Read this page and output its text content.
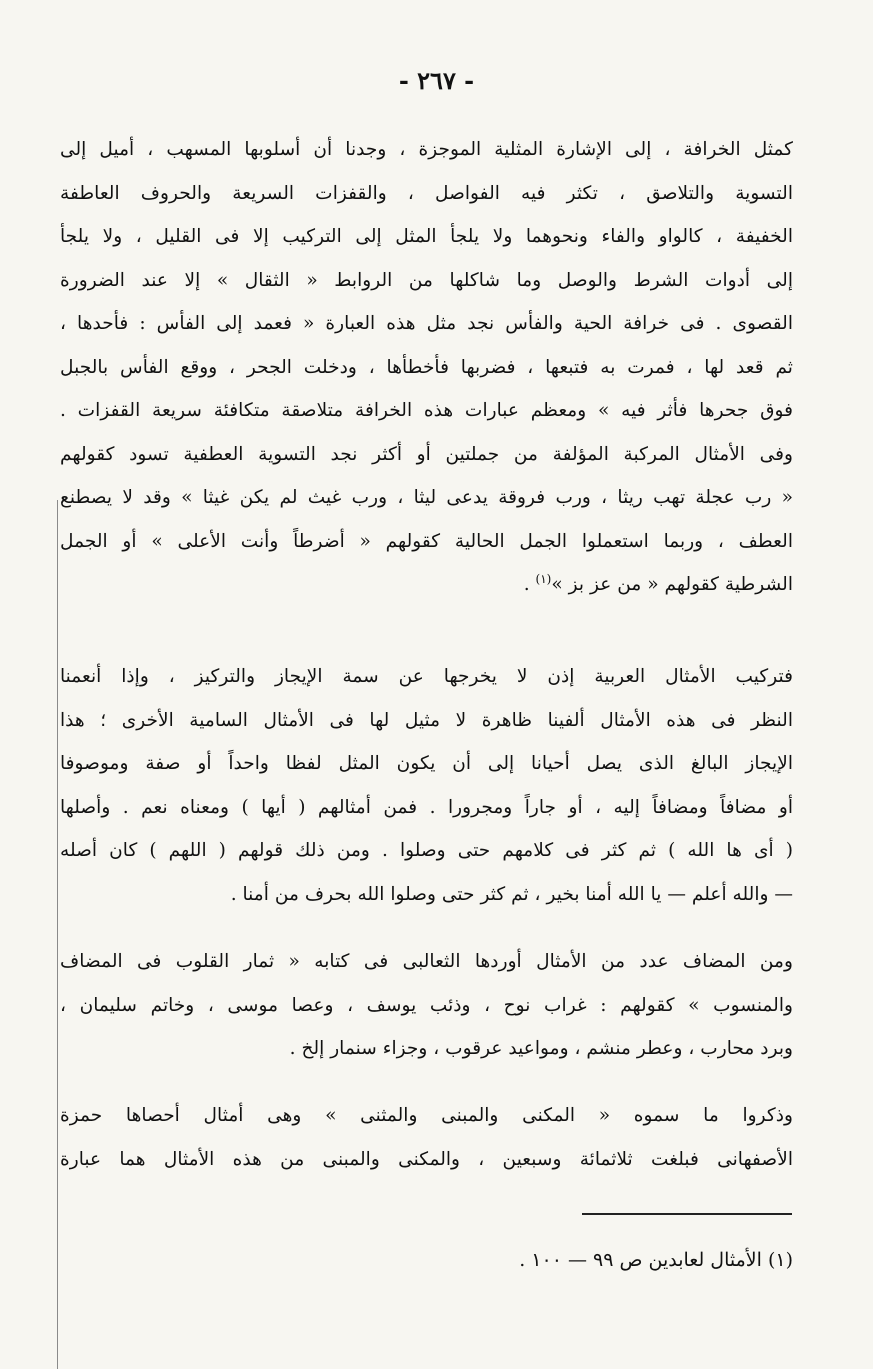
- ٢٦٧ -
كمثل الخرافة ، إلى الإشارة المثلية الموجزة ، وجدنا أن أسلوبها المسهب ، أميل إلى
التسوية والتلاصق ، تكثر فيه الفواصل ، والقفزات السريعة والحروف العاطفة
الخفيفة ، كالواو والفاء ونحوهما ولا يلجأ المثل إلى التركيب إلا فى القليل ، ولا يلجأ
إلى أدوات الشرط والوصل وما شاكلها من الروابط « الثقال » إلا عند الضرورة
القصوى . فى خرافة الحية والفأس نجد مثل هذه العبارة « فعمد إلى الفأس : فأحدها ،
ثم قعد لها ، فمرت به فتبعها ، فضربها فأخطأها ، ودخلت الجحر ، ووقع الفأس بالجبل
فوق جحرها فأثر فيه » ومعظم عبارات هذه الخرافة متلاصقة متكافئة سريعة القفزات .
وفى الأمثال المركبة المؤلفة من جملتين أو أكثر نجد التسوية العطفية تسود كقولهم
« رب عجلة تهب ريثا ، ورب فروقة يدعى ليثا ، ورب غيث لم يكن غيثا » وقد لا يصطنع
العطف ، وربما استعملوا الجمل الحالية كقولهم « أضرطاً وأنت الأعلى » أو الجمل
الشرطية كقولهم « من عز بز »$^{(١)}$ .
فتركيب الأمثال العربية إذن لا يخرجها عن سمة الإيجاز والتركيز ، وإذا أنعمنا
النظر فى هذه الأمثال ألفينا ظاهرة لا مثيل لها فى الأمثال السامية الأخرى ؛ هذا
الإيجاز البالغ الذى يصل أحيانا إلى أن يكون المثل لفظا واحداً أو صفة وموصوفا
أو مضافاً ومضافاً إليه ، أو جاراً ومجرورا . فمن أمثالهم ( أيها ) ومعناه نعم . وأصلها
( أى ها الله ) ثم كثر فى كلامهم حتى وصلوا . ومن ذلك قولهم ( اللهم ) كان أصله
— والله أعلم — يا الله أمنا بخير ، ثم كثر حتى وصلوا الله بحرف من أمنا .
ومن المضاف عدد من الأمثال أوردها الثعالبى فى كتابه « ثمار القلوب فى المضاف
والمنسوب » كقولهم : غراب نوح ، وذئب يوسف ، وعصا موسى ، وخاتم سليمان ،
وبرد محارب ، وعطر منشم ، ومواعيد عرقوب ، وجزاء سنمار إلخ .
وذكروا ما سموه « المكنى والمبنى والمثنى » وهى أمثال أحصاها حمزة
الأصفهانى فبلغت ثلاثمائة وسبعين ، والمكنى والمبنى من هذه الأمثال هما عبارة
(١) الأمثال لعابدين ص ٩٩ — ١٠٠ .
